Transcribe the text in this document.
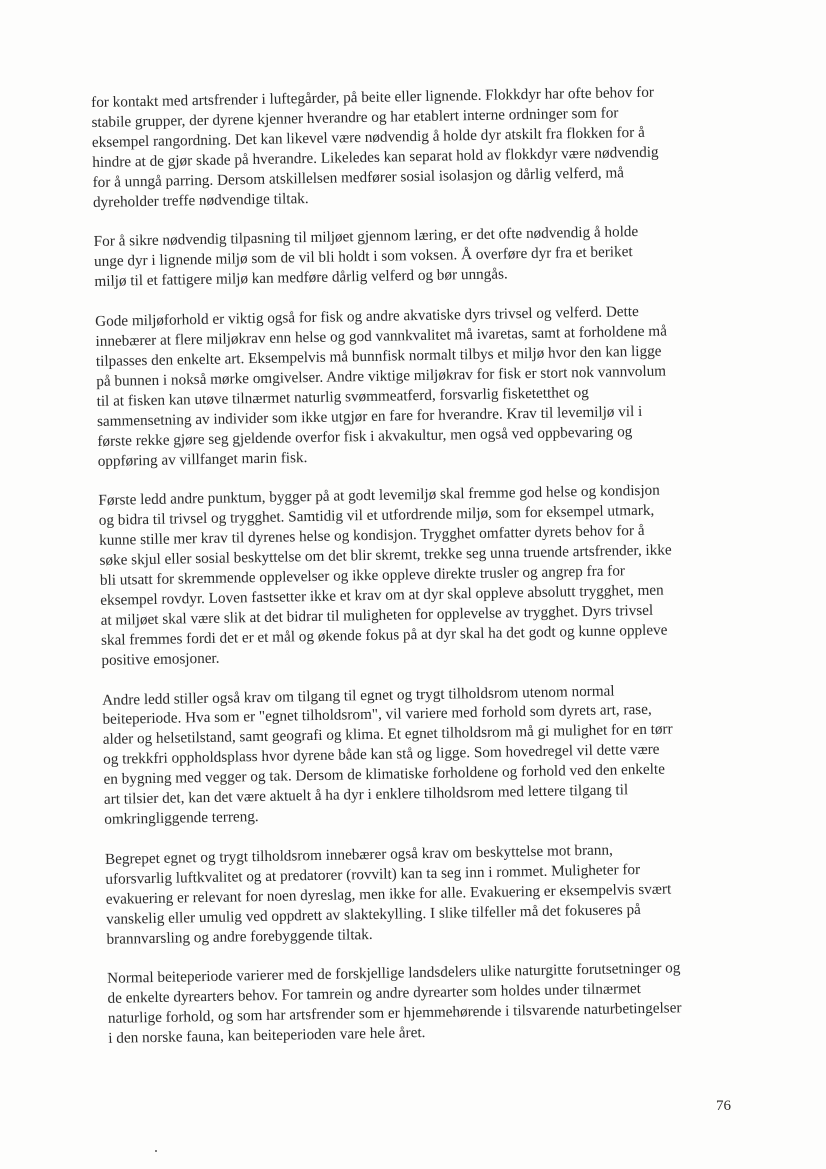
for kontakt med artsfrender i luftegårder, på beite eller lignende. Flokkdyr har ofte behov for
stabile grupper, der dyrene kjenner hverandre og har etablert interne ordninger som for
eksempel rangordning. Det kan likevel være nødvendig å holde dyr atskilt fra flokken for å
hindre at de gjør skade på hverandre. Likeledes kan separat hold av flokkdyr være nødvendig
for å unngå parring. Dersom atskillelsen medfører sosial isolasjon og dårlig velferd, må
dyreholder treffe nødvendige tiltak.
For å sikre nødvendig tilpasning til miljøet gjennom læring, er det ofte nødvendig å holde
unge dyr i lignende miljø som de vil bli holdt i som voksen. Å overføre dyr fra et beriket
miljø til et fattigere miljø kan medføre dårlig velferd og bør unngås.
Gode miljøforhold er viktig også for fisk og andre akvatiske dyrs trivsel og velferd. Dette
innebærer at flere miljøkrav enn helse og god vannkvalitet må ivaretas, samt at forholdene må
tilpasses den enkelte art. Eksempelvis må bunnfisk normalt tilbys et miljø hvor den kan ligge
på bunnen i nokså mørke omgivelser. Andre viktige miljøkrav for fisk er stort nok vannvolum
til at fisken kan utøve tilnærmet naturlig svømmeatferd, forsvarlig fisketetthet og
sammensetning av individer som ikke utgjør en fare for hverandre. Krav til levemiljø vil i
første rekke gjøre seg gjeldende overfor fisk i akvakultur, men også ved oppbevaring og
oppføring av villfanget marin fisk.
Første ledd andre punktum, bygger på at godt levemiljø skal fremme god helse og kondisjon
og bidra til trivsel og trygghet. Samtidig vil et utfordrende miljø, som for eksempel utmark,
kunne stille mer krav til dyrenes helse og kondisjon. Trygghet omfatter dyrets behov for å
søke skjul eller sosial beskyttelse om det blir skremt, trekke seg unna truende artsfrender, ikke
bli utsatt for skremmende opplevelser og ikke oppleve direkte trusler og angrep fra for
eksempel rovdyr. Loven fastsetter ikke et krav om at dyr skal oppleve absolutt trygghet, men
at miljøet skal være slik at det bidrar til muligheten for opplevelse av trygghet. Dyrs trivsel
skal fremmes fordi det er et mål og økende fokus på at dyr skal ha det godt og kunne oppleve
positive emosjoner.
Andre ledd stiller også krav om tilgang til egnet og trygt tilholdsrom utenom normal
beiteperiode. Hva som er "egnet tilholdsrom", vil variere med forhold som dyrets art, rase,
alder og helsetilstand, samt geografi og klima. Et egnet tilholdsrom må gi mulighet for en tørr
og trekkfri oppholdsplass hvor dyrene både kan stå og ligge. Som hovedregel vil dette være
en bygning med vegger og tak. Dersom de klimatiske forholdene og forhold ved den enkelte
art tilsier det, kan det være aktuelt å ha dyr i enklere tilholdsrom med lettere tilgang til
omkringliggende terreng.
Begrepet egnet og trygt tilholdsrom innebærer også krav om beskyttelse mot brann,
uforsvarlig luftkvalitet og at predatorer (rovvilt) kan ta seg inn i rommet. Muligheter for
evakuering er relevant for noen dyreslag, men ikke for alle. Evakuering er eksempelvis svært
vanskelig eller umulig ved oppdrett av slaktekylling. I slike tilfeller må det fokuseres på
brannvarsling og andre forebyggende tiltak.
Normal beiteperiode varierer med de forskjellige landsdelers ulike naturgitte forutsetninger og
de enkelte dyrearters behov. For tamrein og andre dyrearter som holdes under tilnærmet
naturlige forhold, og som har artsfrender som er hjemmehørende i tilsvarende naturbetingelser
i den norske fauna, kan beiteperioden vare hele året.
76
